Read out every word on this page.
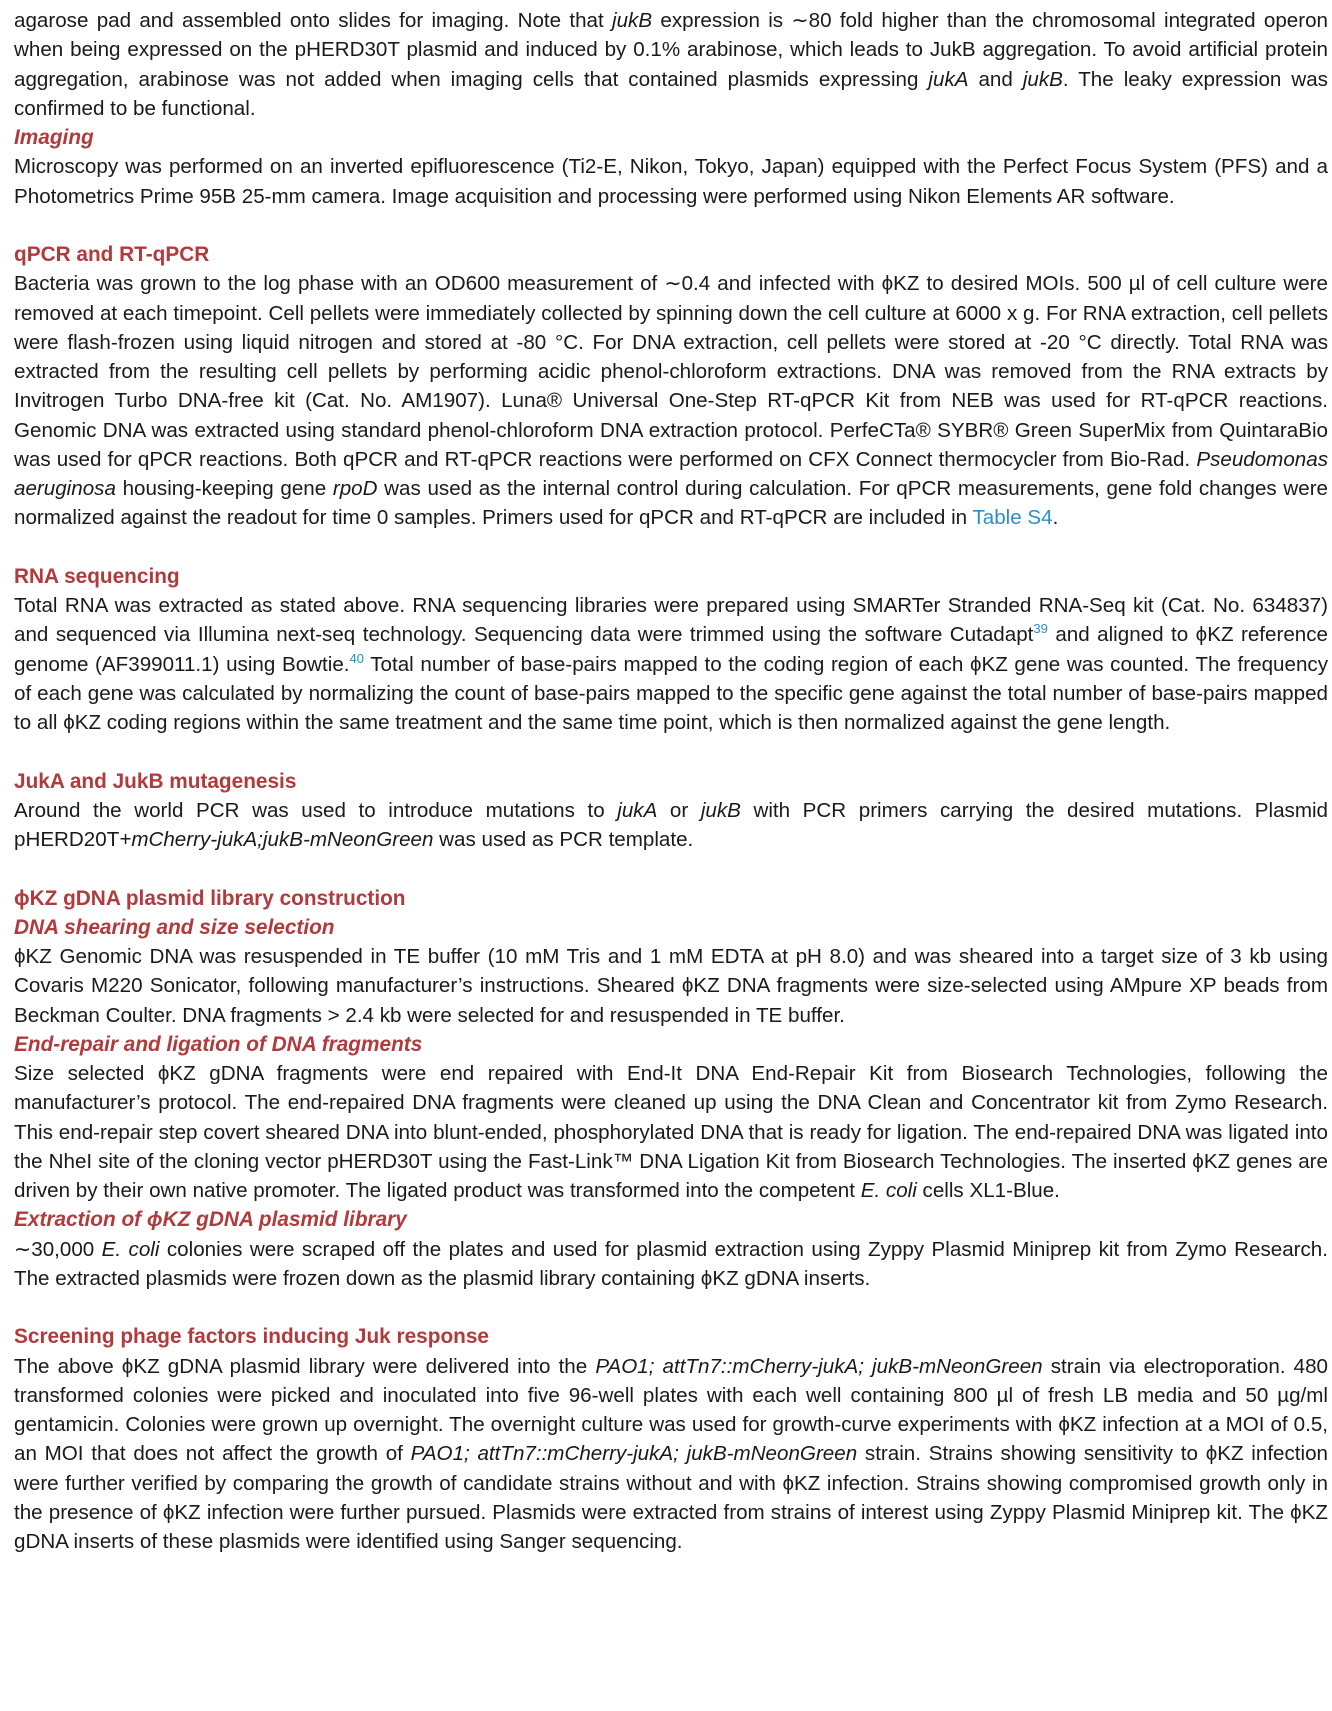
agarose pad and assembled onto slides for imaging. Note that jukB expression is ∼80 fold higher than the chromosomal integrated operon when being expressed on the pHERD30T plasmid and induced by 0.1% arabinose, which leads to JukB aggregation. To avoid artificial protein aggregation, arabinose was not added when imaging cells that contained plasmids expressing jukA and jukB. The leaky expression was confirmed to be functional.

Imaging

Microscopy was performed on an inverted epifluorescence (Ti2-E, Nikon, Tokyo, Japan) equipped with the Perfect Focus System (PFS) and a Photometrics Prime 95B 25-mm camera. Image acquisition and processing were performed using Nikon Elements AR software.

qPCR and RT-qPCR

Bacteria was grown to the log phase with an OD600 measurement of ∼0.4 and infected with ϕKZ to desired MOIs. 500 µl of cell culture were removed at each timepoint. Cell pellets were immediately collected by spinning down the cell culture at 6000 x g. For RNA extraction, cell pellets were flash-frozen using liquid nitrogen and stored at -80 °C. For DNA extraction, cell pellets were stored at -20 °C directly. Total RNA was extracted from the resulting cell pellets by performing acidic phenol-chloroform extractions. DNA was removed from the RNA extracts by Invitrogen Turbo DNA-free kit (Cat. No. AM1907). Luna® Universal One-Step RT-qPCR Kit from NEB was used for RT-qPCR reactions. Genomic DNA was extracted using standard phenol-chloroform DNA extraction protocol. PerfeCTa® SYBR® Green SuperMix from QuintaraBio was used for qPCR reactions. Both qPCR and RT-qPCR reactions were performed on CFX Connect thermocycler from Bio-Rad. Pseudomonas aeruginosa housing-keeping gene rpoD was used as the internal control during calculation. For qPCR measurements, gene fold changes were normalized against the readout for time 0 samples. Primers used for qPCR and RT-qPCR are included in Table S4.

RNA sequencing

Total RNA was extracted as stated above. RNA sequencing libraries were prepared using SMARTer Stranded RNA-Seq kit (Cat. No. 634837) and sequenced via Illumina next-seq technology. Sequencing data were trimmed using the software Cutadapt$^{39}$ and aligned to ϕKZ reference genome (AF399011.1) using Bowtie.$^{40}$ Total number of base-pairs mapped to the coding region of each ϕKZ gene was counted. The frequency of each gene was calculated by normalizing the count of base-pairs mapped to the specific gene against the total number of base-pairs mapped to all ϕKZ coding regions within the same treatment and the same time point, which is then normalized against the gene length.

JukA and JukB mutagenesis

Around the world PCR was used to introduce mutations to jukA or jukB with PCR primers carrying the desired mutations. Plasmid pHERD20T+mCherry-jukA;jukB-mNeonGreen was used as PCR template.

ϕKZ gDNA plasmid library construction
DNA shearing and size selection

ϕKZ Genomic DNA was resuspended in TE buffer (10 mM Tris and 1 mM EDTA at pH 8.0) and was sheared into a target size of 3 kb using Covaris M220 Sonicator, following manufacturer’s instructions. Sheared ϕKZ DNA fragments were size-selected using AMpure XP beads from Beckman Coulter. DNA fragments > 2.4 kb were selected for and resuspended in TE buffer.

End-repair and ligation of DNA fragments

Size selected ϕKZ gDNA fragments were end repaired with End-It DNA End-Repair Kit from Biosearch Technologies, following the manufacturer’s protocol. The end-repaired DNA fragments were cleaned up using the DNA Clean and Concentrator kit from Zymo Research. This end-repair step covert sheared DNA into blunt-ended, phosphorylated DNA that is ready for ligation. The end-repaired DNA was ligated into the NheI site of the cloning vector pHERD30T using the Fast-Link™ DNA Ligation Kit from Biosearch Technologies. The inserted ϕKZ genes are driven by their own native promoter. The ligated product was transformed into the competent E. coli cells XL1-Blue.

Extraction of ϕKZ gDNA plasmid library

∼30,000 E. coli colonies were scraped off the plates and used for plasmid extraction using Zyppy Plasmid Miniprep kit from Zymo Research. The extracted plasmids were frozen down as the plasmid library containing ϕKZ gDNA inserts.

Screening phage factors inducing Juk response

The above ϕKZ gDNA plasmid library were delivered into the PAO1; attTn7::mCherry-jukA; jukB-mNeonGreen strain via electroporation. 480 transformed colonies were picked and inoculated into five 96-well plates with each well containing 800 µl of fresh LB media and 50 µg/ml gentamicin. Colonies were grown up overnight. The overnight culture was used for growth-curve experiments with ϕKZ infection at a MOI of 0.5, an MOI that does not affect the growth of PAO1; attTn7::mCherry-jukA; jukB-mNeonGreen strain. Strains showing sensitivity to ϕKZ infection were further verified by comparing the growth of candidate strains without and with ϕKZ infection. Strains showing compromised growth only in the presence of ϕKZ infection were further pursued. Plasmids were extracted from strains of interest using Zyppy Plasmid Miniprep kit. The ϕKZ gDNA inserts of these plasmids were identified using Sanger sequencing.
